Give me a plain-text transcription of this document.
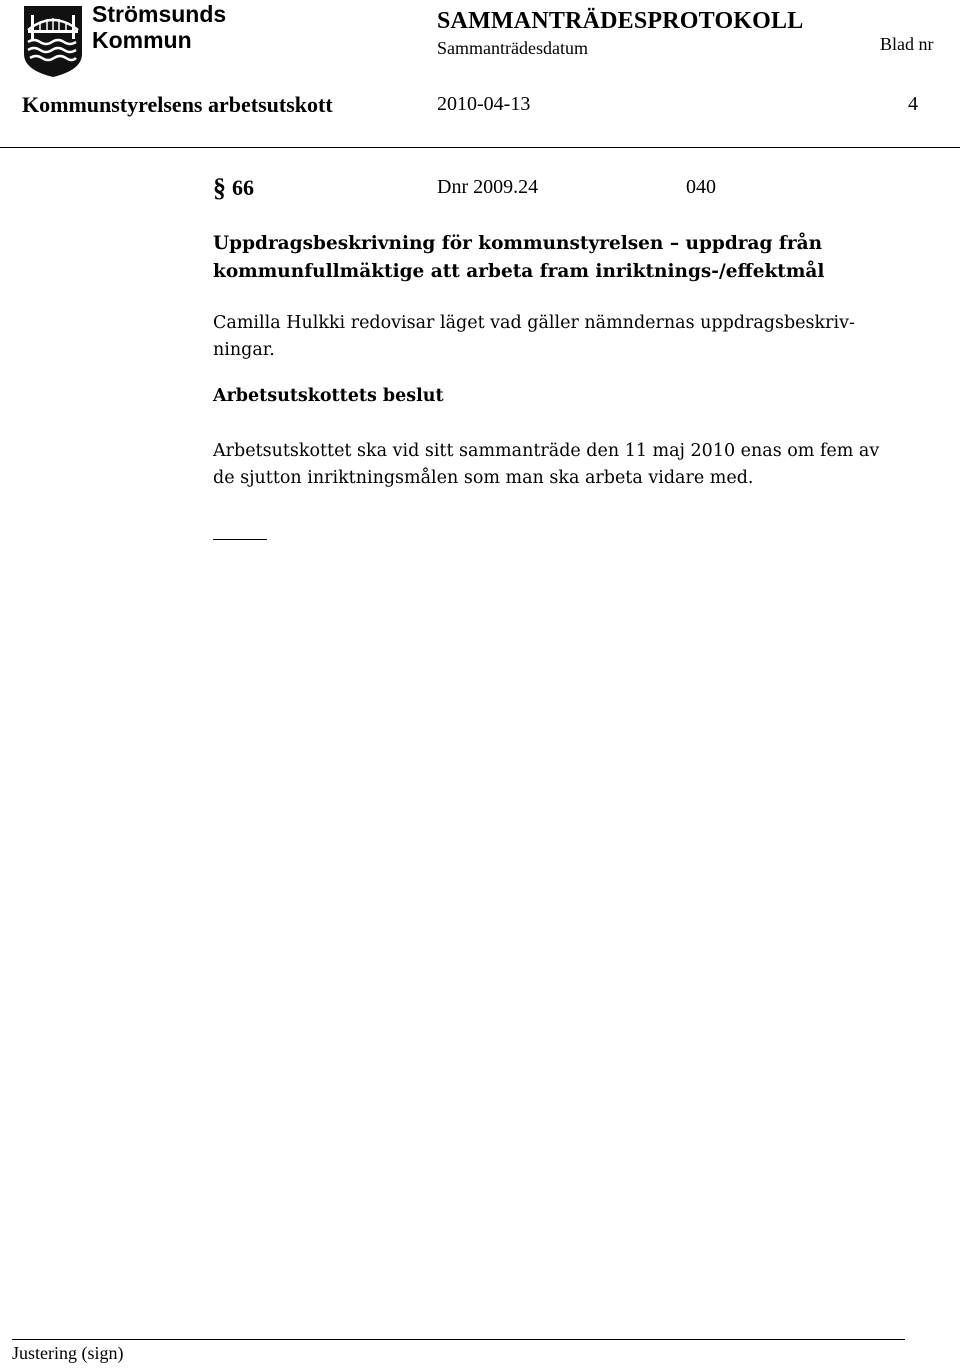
Strömsunds
Kommun
SAMMANTRÄDESPROTOKOLL
Sammanträdesdatum	Blad nr
Kommunstyrelsens arbetsutskott	2010-04-13	4
§ 66	Dnr 2009.24	040
Uppdragsbeskrivning för kommunstyrelsen – uppdrag från
kommunfullmäktige att arbeta fram inriktnings-/effektmål
Camilla Hulkki redovisar läget vad gäller nämndernas uppdragsbeskriv-
ningar.
Arbetsutskottets beslut
Arbetsutskottet ska vid sitt sammanträde den 11 maj 2010 enas om fem av
de sjutton inriktningsmålen som man ska arbeta vidare med.
Justering (sign)
